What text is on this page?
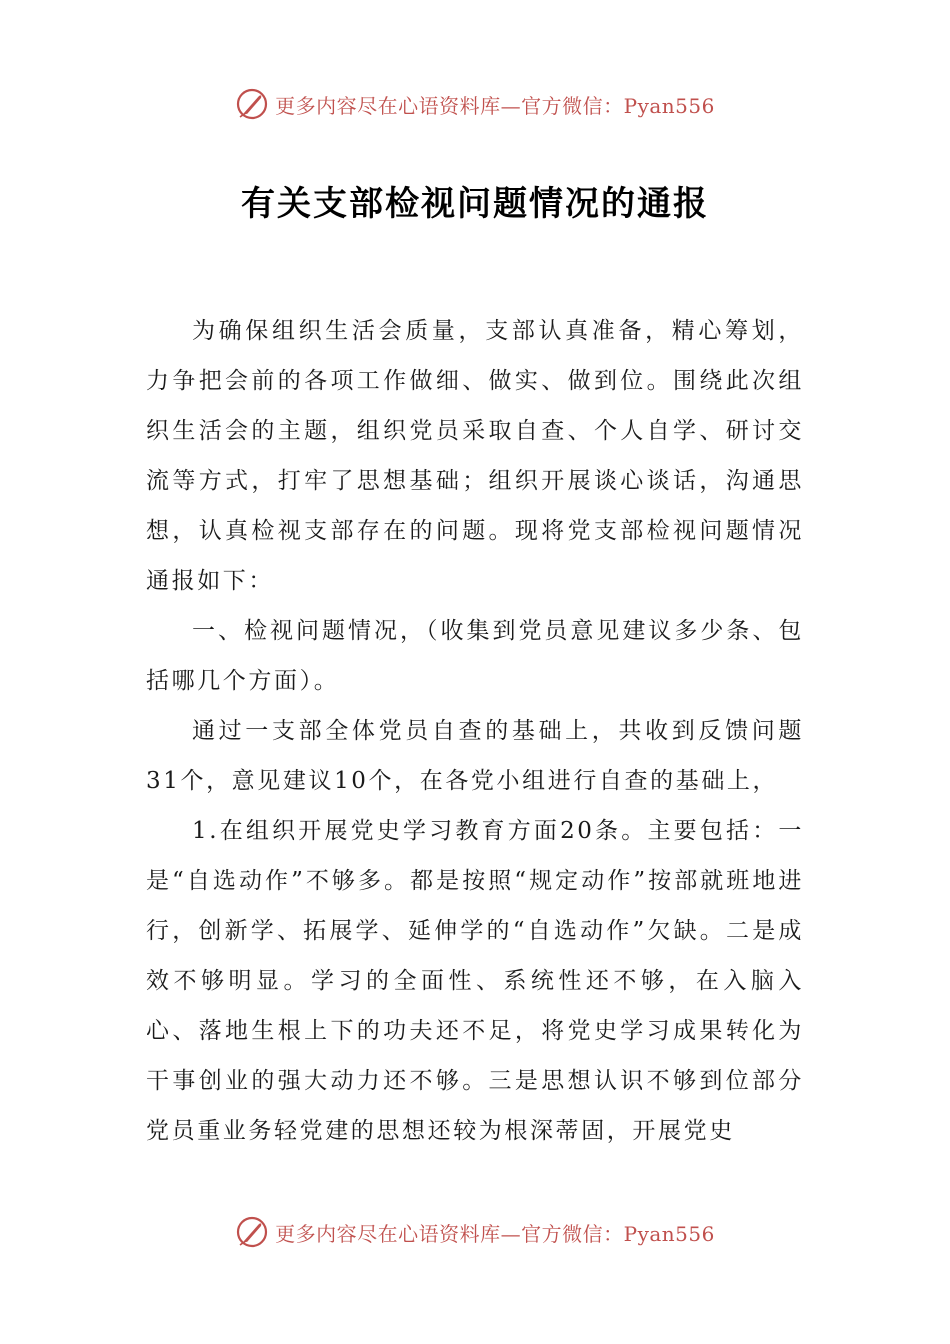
更多内容尽在心语资料库—官方微信：Pyan556
有关支部检视问题情况的通报

为确保组织生活会质量，支部认真准备，精心筹划，力争把会前的各项工作做细、做实、做到位。围绕此次组织生活会的主题，组织党员采取自查、个人自学、研讨交流等方式，打牢了思想基础；组织开展谈心谈话，沟通思想，认真检视支部存在的问题。现将党支部检视问题情况通报如下：

一、检视问题情况，（收集到党员意见建议多少条、包括哪几个方面）。

通过一支部全体党员自查的基础上，共收到反馈问题31个，意见建议10个，在各党小组进行自查的基础上，

1.在组织开展党史学习教育方面20条。主要包括：一是“自选动作”不够多。都是按照“规定动作”按部就班地进行，创新学、拓展学、延伸学的“自选动作”欠缺。二是成效不够明显。学习的全面性、系统性还不够，在入脑入心、落地生根上下的功夫还不足，将党史学习成果转化为干事创业的强大动力还不够。三是思想认识不够到位部分党员重业务轻党建的思想还较为根深蒂固，开展党史

更多内容尽在心语资料库—官方微信：Pyan556
